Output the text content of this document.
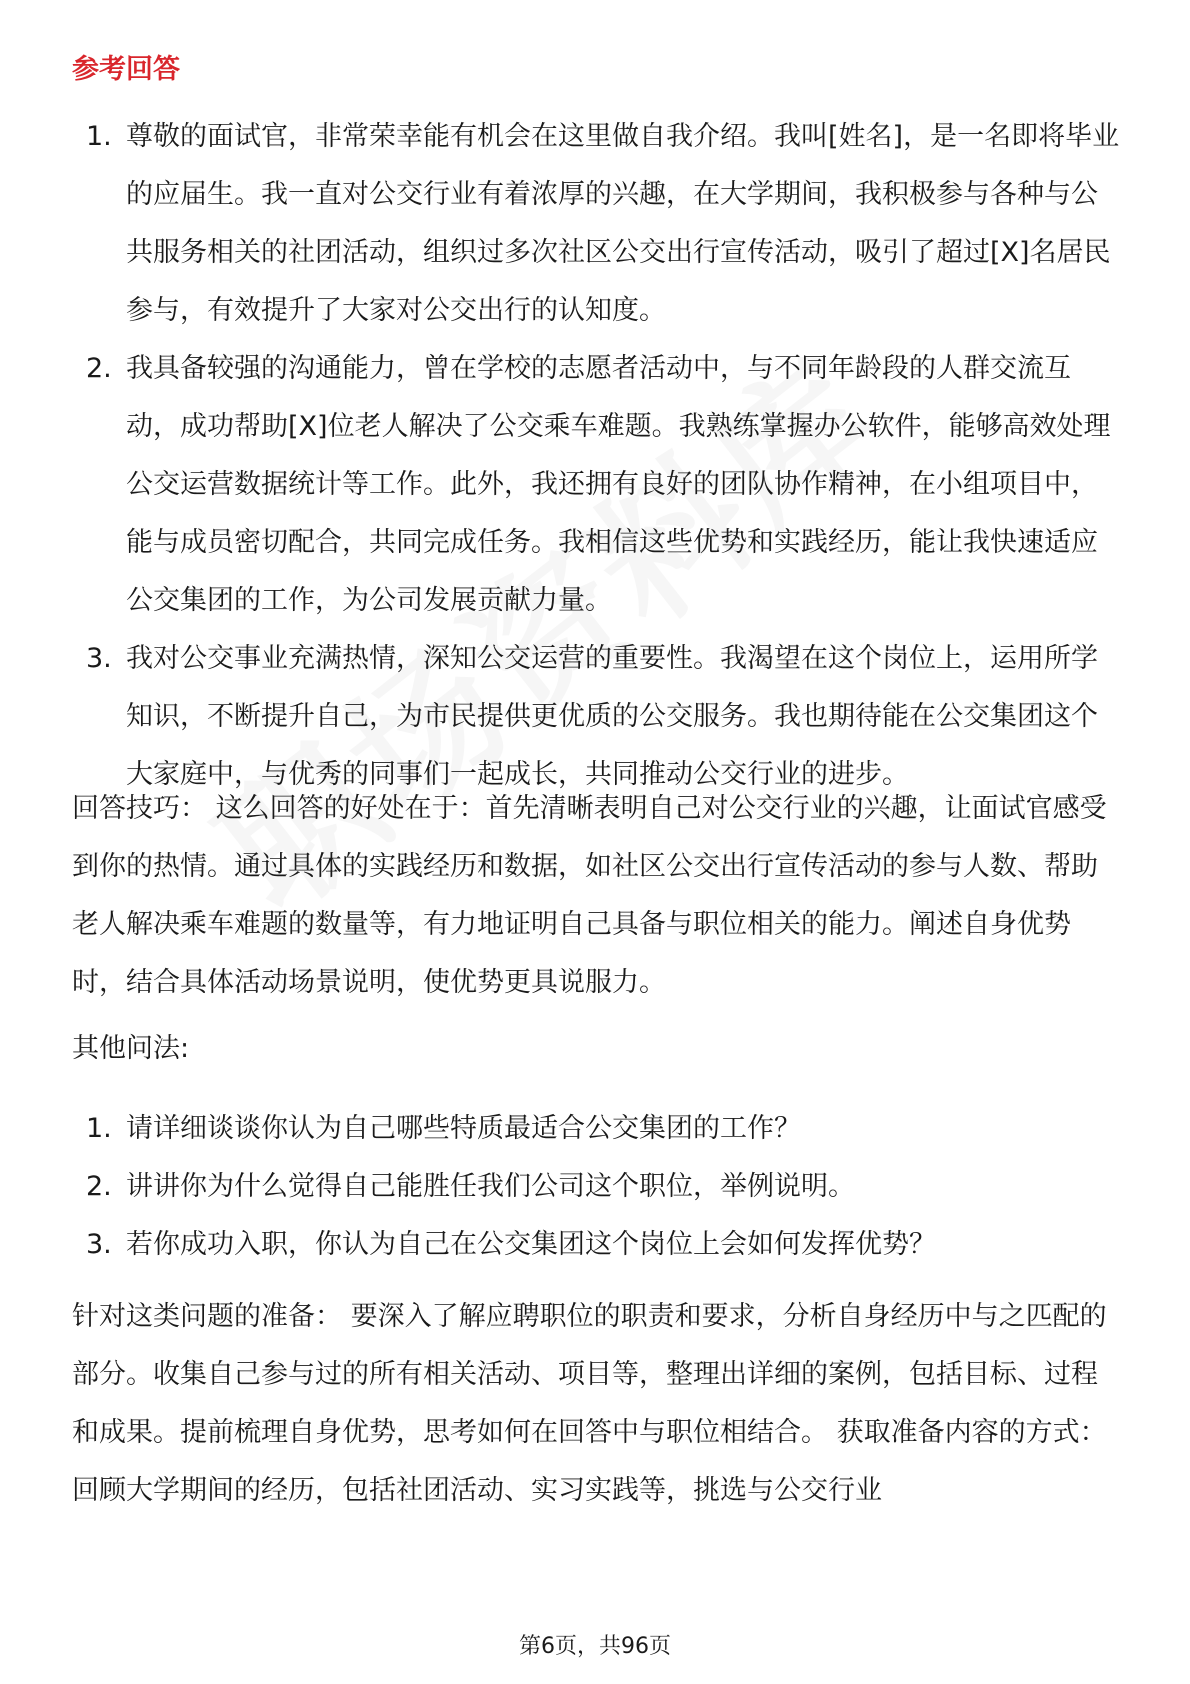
参考回答
1. 尊敬的面试官，非常荣幸能有机会在这里做自我介绍。我叫[姓名]，是一名即将毕业的应届生。我一直对公交行业有着浓厚的兴趣，在大学期间，我积极参与各种与公共服务相关的社团活动，组织过多次社区公交出行宣传活动，吸引了超过[X]名居民参与，有效提升了大家对公交出行的认知度。
2. 我具备较强的沟通能力，曾在学校的志愿者活动中，与不同年龄段的人群交流互动，成功帮助[X]位老人解决了公交乘车难题。我熟练掌握办公软件，能够高效处理公交运营数据统计等工作。此外，我还拥有良好的团队协作精神，在小组项目中，能与成员密切配合，共同完成任务。我相信这些优势和实践经历，能让我快速适应公交集团的工作，为公司发展贡献力量。
3. 我对公交事业充满热情，深知公交运营的重要性。我渴望在这个岗位上，运用所学知识，不断提升自己，为市民提供更优质的公交服务。我也期待能在公交集团这个大家庭中，与优秀的同事们一起成长，共同推动公交行业的进步。

回答技巧： 这么回答的好处在于：首先清晰表明自己对公交行业的兴趣，让面试官感受到你的热情。通过具体的实践经历和数据，如社区公交出行宣传活动的参与人数、帮助老人解决乘车难题的数量等，有力地证明自己具备与职位相关的能力。阐述自身优势时，结合具体活动场景说明，使优势更具说服力。

其他问法:

1. 请详细谈谈你认为自己哪些特质最适合公交集团的工作？
2. 讲讲你为什么觉得自己能胜任我们公司这个职位，举例说明。
3. 若你成功入职，你认为自己在公交集团这个岗位上会如何发挥优势？

针对这类问题的准备： 要深入了解应聘职位的职责和要求，分析自身经历中与之匹配的部分。收集自己参与过的所有相关活动、项目等，整理出详细的案例，包括目标、过程和成果。提前梳理自身优势，思考如何在回答中与职位相结合。 获取准备内容的方式：回顾大学期间的经历，包括社团活动、实习实践等，挑选与公交行业

第6页，共96页
